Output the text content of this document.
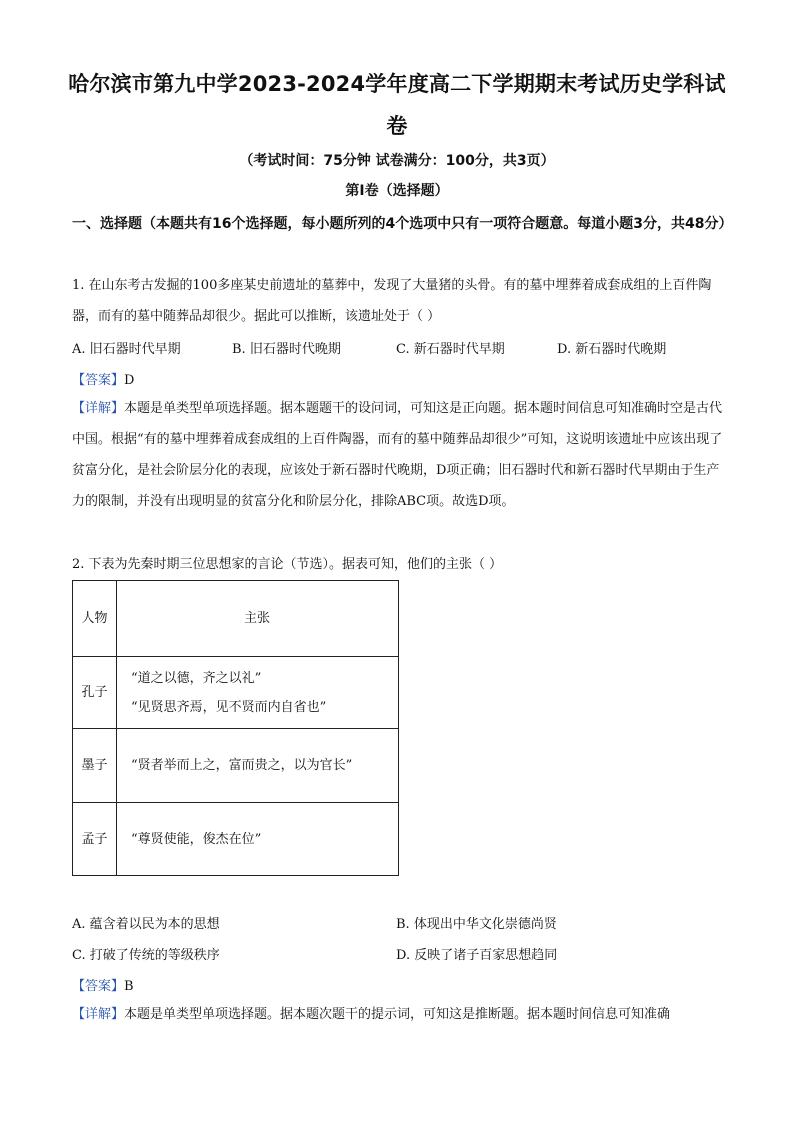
哈尔滨市第九中学2023-2024学年度高二下学期期末考试历史学科试
卷
（考试时间：75分钟 试卷满分：100分，共3页）
第Ⅰ卷（选择题）
一、选择题（本题共有16个选择题，每小题所列的4个选项中只有一项符合题意。每道小题3分，共48分）
1. 在山东考古发掘的100多座某史前遗址的墓葬中，发现了大量猪的头骨。有的墓中埋葬着成套成组的上百件陶器，而有的墓中随葬品却很少。据此可以推断，该遗址处于（ ）
A. 旧石器时代早期	B. 旧石器时代晚期	C. 新石器时代早期	D. 新石器时代晚期
【答案】D
【详解】本题是单类型单项选择题。据本题题干的设问词，可知这是正向题。据本题时间信息可知准确时空是古代中国。根据“有的墓中埋葬着成套成组的上百件陶器，而有的墓中随葬品却很少”可知，这说明该遗址中应该出现了贫富分化，是社会阶层分化的表现，应该处于新石器时代晚期，D项正确；旧石器时代和新石器时代早期由于生产力的限制，并没有出现明显的贫富分化和阶层分化，排除ABC项。故选D项。
2. 下表为先秦时期三位思想家的言论（节选）。据表可知，他们的主张（ ）
人物	主张
孔子	“道之以德，齐之以礼”
“见贤思齐焉，见不贤而内自省也”

墨子	“贤者举而上之，富而贵之，以为官长”
孟子	“尊贤使能，俊杰在位”
A. 蕴含着以民为本的思想	B. 体现出中华文化崇德尚贤
C. 打破了传统的等级秩序	D. 反映了诸子百家思想趋同
【答案】B
【详解】本题是单类型单项选择题。据本题次题干的提示词，可知这是推断题。据本题时间信息可知准确
